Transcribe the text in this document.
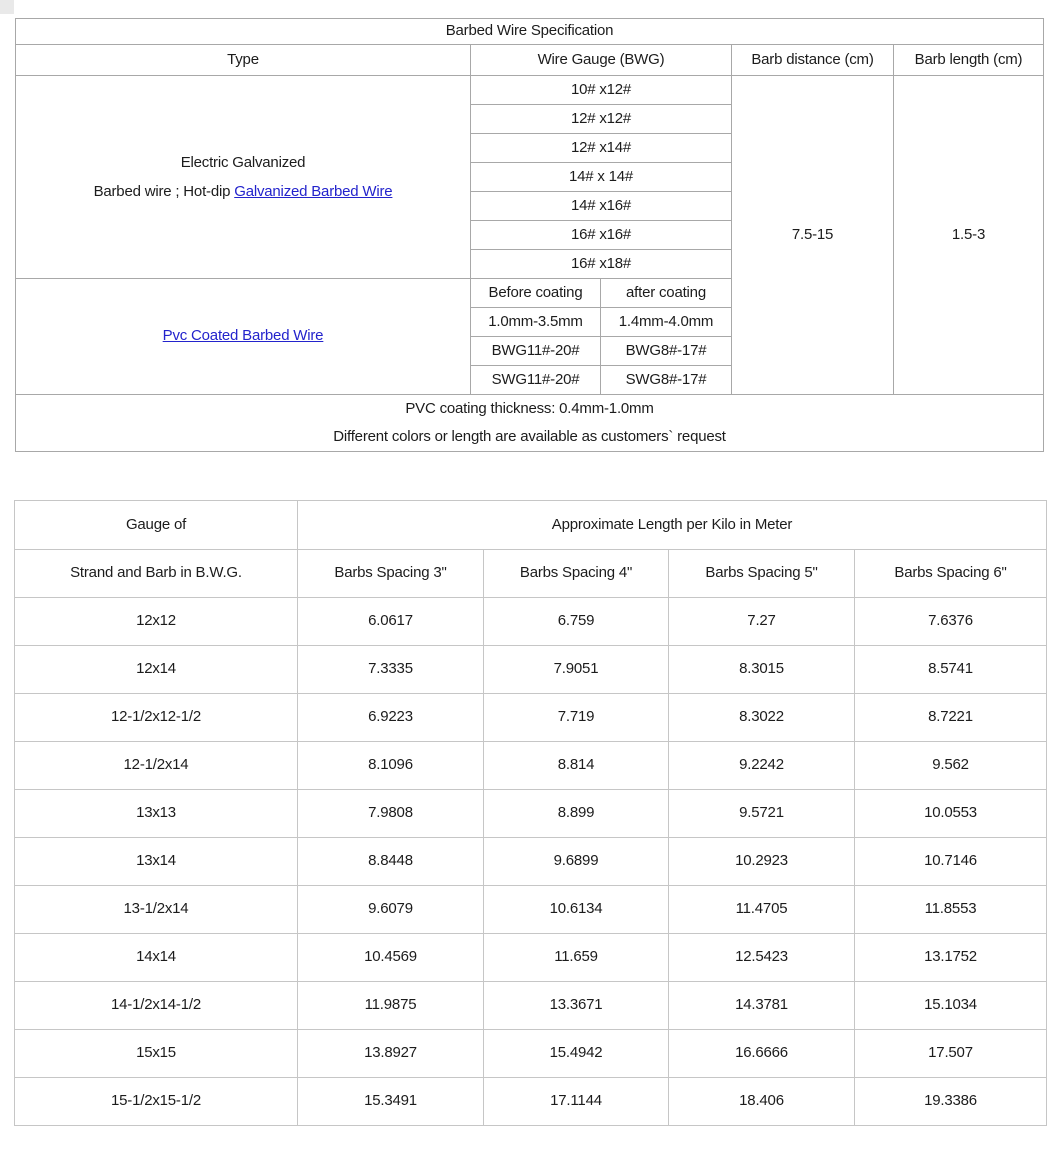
Barbed Wire Specification				
Type	Wire Gauge (BWG)		Barb distance (cm)	Barb length (cm)

Electric Galvanized
Barbed wire ; Hot-dip Galvanized Barbed Wire	10# x12#		7.5-15	1.5-3
	12# x12#			
	12# x14#			
	14# x 14#			
	14# x16#			
	16# x16#			
	16# x18#			
Pvc Coated Barbed Wire	Before coating	after coating		
	1.0mm-3.5mm	1.4mm-4.0mm		
	BWG11#-20#	BWG8#-17#		
	SWG11#-20#	SWG8#-17#		

PVC coating thickness: 0.4mm-1.0mm
Different colors or length are available as customers` request				
Gauge of	Approximate Length per Kilo in Meter			
Strand and Barb in B.W.G.	Barbs Spacing 3"	Barbs Spacing 4"	Barbs Spacing 5"	Barbs Spacing 6"
12x12	6.0617	6.759	7.27	7.6376
12x14	7.3335	7.9051	8.3015	8.5741
12-1/2x12-1/2	6.9223	7.719	8.3022	8.7221
12-1/2x14	8.1096	8.814	9.2242	9.562
13x13	7.9808	8.899	9.5721	10.0553
13x14	8.8448	9.6899	10.2923	10.7146
13-1/2x14	9.6079	10.6134	11.4705	11.8553
14x14	10.4569	11.659	12.5423	13.1752
14-1/2x14-1/2	11.9875	13.3671	14.3781	15.1034
15x15	13.8927	15.4942	16.6666	17.507
15-1/2x15-1/2	15.3491	17.1144	18.406	19.3386
